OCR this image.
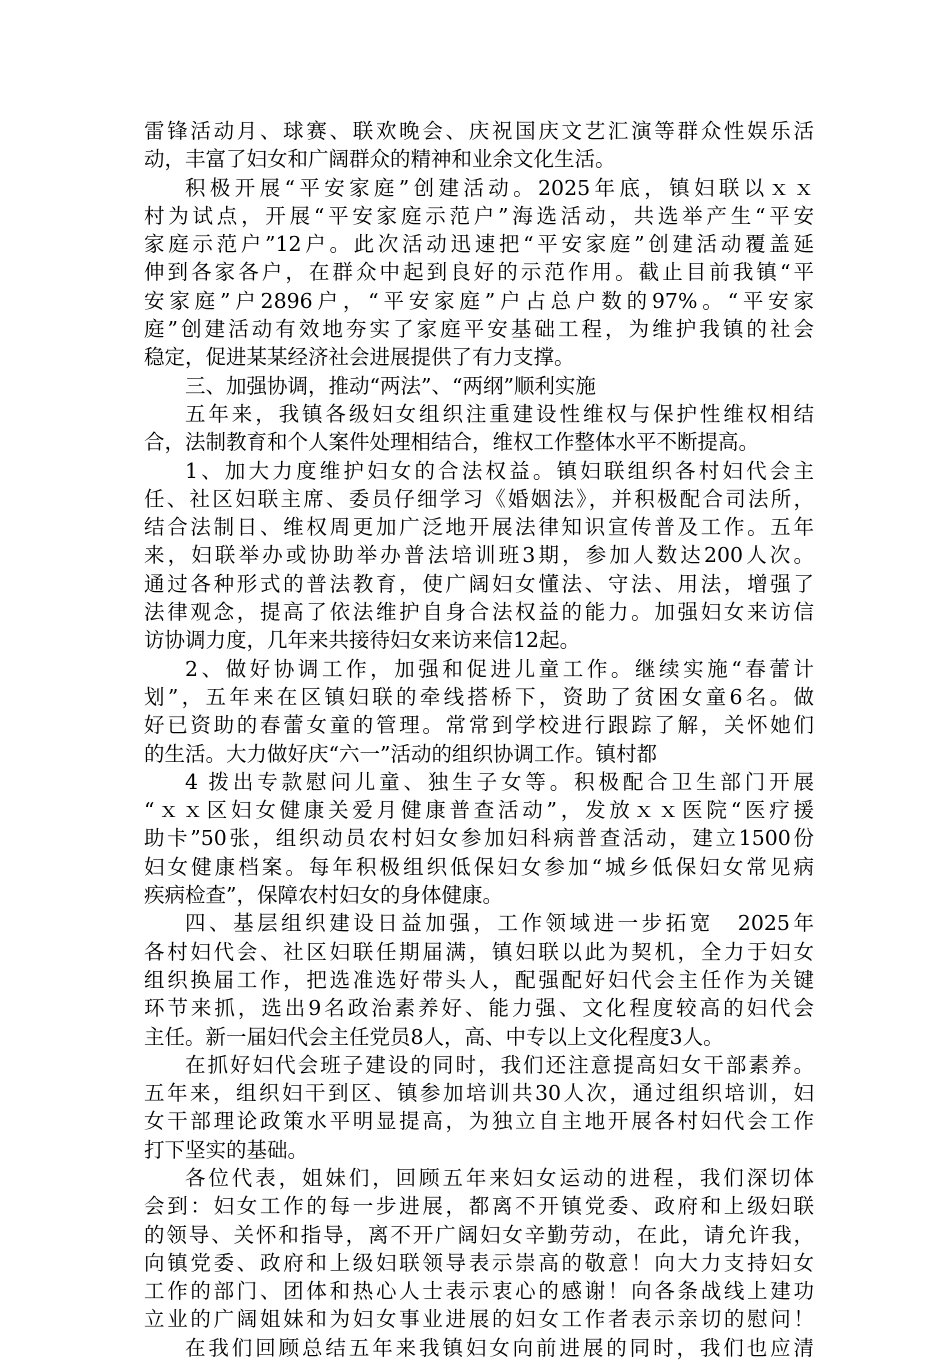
雷锋活动月、球赛、联欢晚会、庆祝国庆文艺汇演等群众性娱乐活
动，丰富了妇女和广阔群众的精神和业余文化生活。
积极开展“平安家庭”创建活动。2025年底，镇妇联以ｘｘ
村为试点，开展“平安家庭示范户”海选活动，共选举产生“平安
家庭示范户”12户。此次活动迅速把“平安家庭”创建活动覆盖延
伸到各家各户，在群众中起到良好的示范作用。截止目前我镇“平
安家庭”户2896户，“平安家庭”户占总户数的97%。“平安家
庭”创建活动有效地夯实了家庭平安基础工程，为维护我镇的社会
稳定，促进某某经济社会进展提供了有力支撑。
三、加强协调，推动“两法”、“两纲”顺利实施
五年来，我镇各级妇女组织注重建设性维权与保护性维权相结
合，法制教育和个人案件处理相结合，维权工作整体水平不断提高。
1、加大力度维护妇女的合法权益。镇妇联组织各村妇代会主
任、社区妇联主席、委员仔细学习《婚姻法》，并积极配合司法所，
结合法制日、维权周更加广泛地开展法律知识宣传普及工作。五年
来，妇联举办或协助举办普法培训班3期，参加人数达200人次。
通过各种形式的普法教育，使广阔妇女懂法、守法、用法，增强了
法律观念，提高了依法维护自身合法权益的能力。加强妇女来访信
访协调力度，几年来共接待妇女来访来信12起。
2、做好协调工作，加强和促进儿童工作。继续实施“春蕾计
划”，五年来在区镇妇联的牵线搭桥下，资助了贫困女童6名。做
好已资助的春蕾女童的管理。常常到学校进行跟踪了解，关怀她们
的生活。大力做好庆“六一”活动的组织协调工作。镇村都
4 拨出专款慰问儿童、独生子女等。积极配合卫生部门开展
“ｘｘ区妇女健康关爱月健康普查活动”，发放ｘｘ医院“医疗援
助卡”50张，组织动员农村妇女参加妇科病普查活动，建立1500份
妇女健康档案。每年积极组织低保妇女参加“城乡低保妇女常见病
疾病检查”，保障农村妇女的身体健康。
四、基层组织建设日益加强，工作领域进一步拓宽　2025年
各村妇代会、社区妇联任期届满，镇妇联以此为契机，全力于妇女
组织换届工作，把选准选好带头人，配强配好妇代会主任作为关键
环节来抓，选出9名政治素养好、能力强、文化程度较高的妇代会
主任。新一届妇代会主任党员8人，高、中专以上文化程度3人。
在抓好妇代会班子建设的同时，我们还注意提高妇女干部素养。
五年来，组织妇干到区、镇参加培训共30人次，通过组织培训，妇
女干部理论政策水平明显提高，为独立自主地开展各村妇代会工作
打下坚实的基础。
各位代表，姐妹们，回顾五年来妇女运动的进程，我们深切体
会到：妇女工作的每一步进展，都离不开镇党委、政府和上级妇联
的领导、关怀和指导，离不开广阔妇女辛勤劳动，在此，请允许我，
向镇党委、政府和上级妇联领导表示崇高的敬意！向大力支持妇女
工作的部门、团体和热心人士表示衷心的感谢！向各条战线上建功
立业的广阔姐妹和为妇女事业进展的妇女工作者表示亲切的慰问！
在我们回顾总结五年来我镇妇女向前进展的同时，我们也应清
